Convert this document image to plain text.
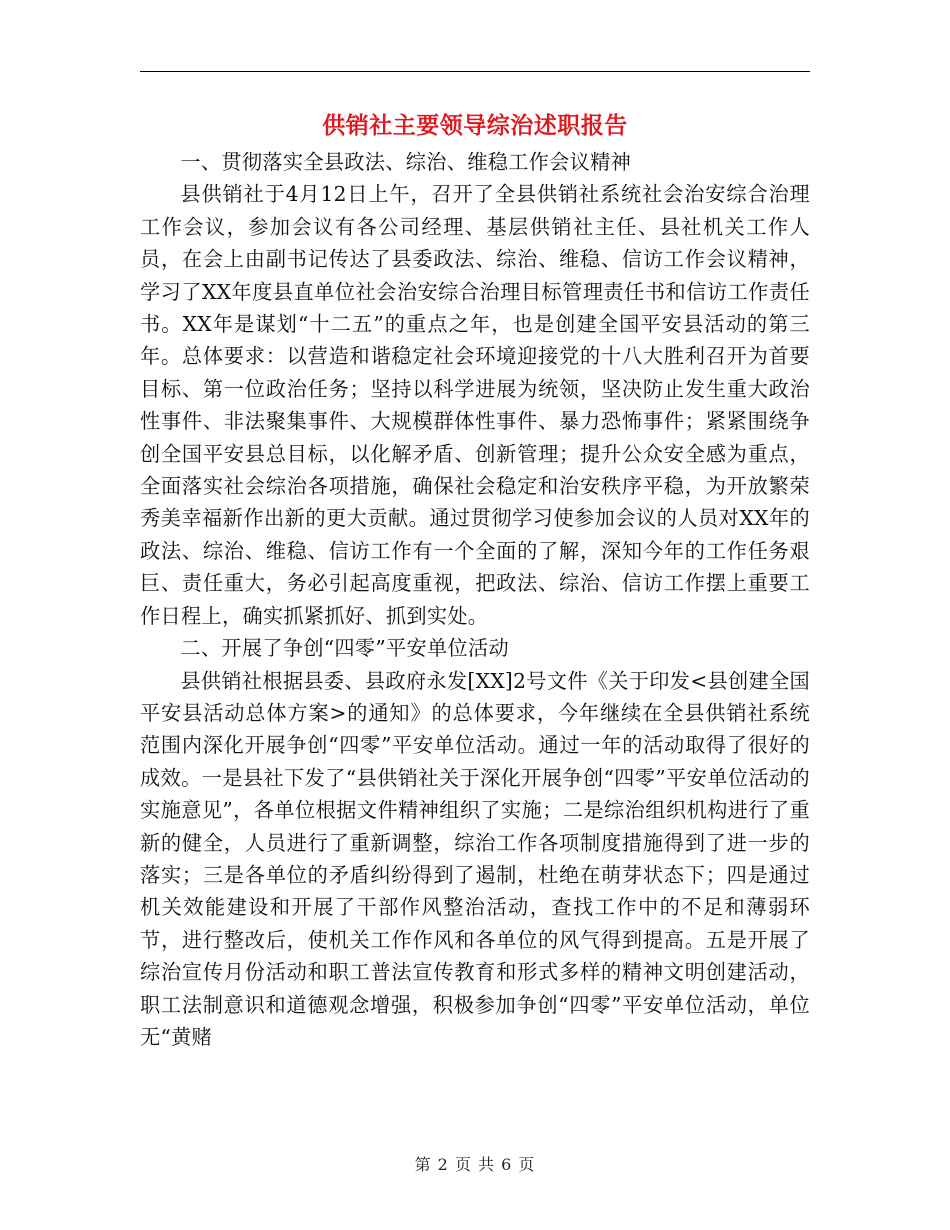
供销社主要领导综治述职报告

一、贯彻落实全县政法、综治、维稳工作会议精神

县供销社于4月12日上午，召开了全县供销社系统社会治安综合治理工作会议，参加会议有各公司经理、基层供销社主任、县社机关工作人员，在会上由副书记传达了县委政法、综治、维稳、信访工作会议精神，学习了XX年度县直单位社会治安综合治理目标管理责任书和信访工作责任书。XX年是谋划“十二五”的重点之年，也是创建全国平安县活动的第三年。总体要求：以营造和谐稳定社会环境迎接党的十八大胜利召开为首要目标、第一位政治任务；坚持以科学进展为统领，坚决防止发生重大政治性事件、非法聚集事件、大规模群体性事件、暴力恐怖事件；紧紧围绕争创全国平安县总目标，以化解矛盾、创新管理；提升公众安全感为重点，全面落实社会综治各项措施，确保社会稳定和治安秩序平稳，为开放繁荣秀美幸福新作出新的更大贡献。通过贯彻学习使参加会议的人员对XX年的政法、综治、维稳、信访工作有一个全面的了解，深知今年的工作任务艰巨、责任重大，务必引起高度重视，把政法、综治、信访工作摆上重要工作日程上，确实抓紧抓好、抓到实处。

二、开展了争创“四零”平安单位活动

县供销社根据县委、县政府永发[XX]2号文件《关于印发<县创建全国平安县活动总体方案>的通知》的总体要求，今年继续在全县供销社系统范围内深化开展争创“四零”平安单位活动。通过一年的活动取得了很好的成效。一是县社下发了“县供销社关于深化开展争创“四零”平安单位活动的实施意见”，各单位根据文件精神组织了实施；二是综治组织机构进行了重新的健全，人员进行了重新调整，综治工作各项制度措施得到了进一步的落实；三是各单位的矛盾纠纷得到了遏制，杜绝在萌芽状态下；四是通过机关效能建设和开展了干部作风整治活动，查找工作中的不足和薄弱环节，进行整改后，使机关工作作风和各单位的风气得到提高。五是开展了综治宣传月份活动和职工普法宣传教育和形式多样的精神文明创建活动，职工法制意识和道德观念增强，积极参加争创“四零”平安单位活动，单位无“黄赌

第 2 页 共 6 页
